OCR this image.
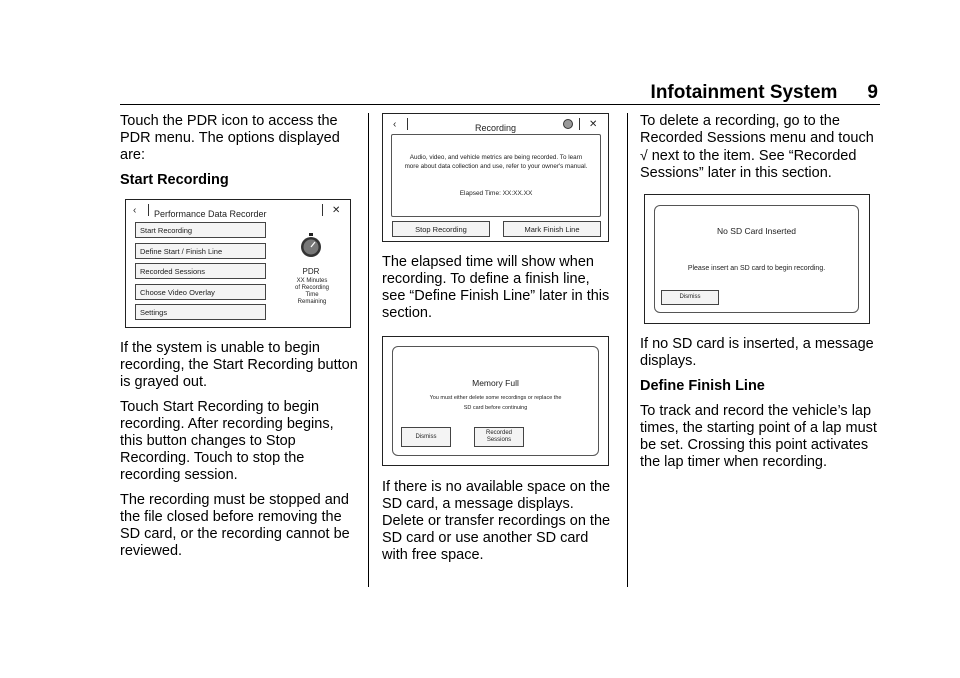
Infotainment System 9

Touch the PDR icon to access the PDR menu. The options displayed are:

Start Recording
‹ Performance Data Recorder	✕
Start Recording
Define Start / Finish Line
Recorded Sessions
Choose Video Overlay
Settings
PDR
XX Minutes
of Recording
Time
Remaining

If the system is unable to begin recording, the Start Recording button is grayed out.

Touch Start Recording to begin recording. After recording begins, this button changes to Stop Recording. Touch to stop the recording session.

The recording must be stopped and the file closed before removing the SD card, or the recording cannot be reviewed.

‹	Recording	✕
Audio, video, and vehicle metrics are being recorded. To learn
more about data collection and use, refer to your owner's manual.
Elapsed Time: XX:XX.XX
Stop Recording	Mark Finish Line

The elapsed time will show when recording. To define a finish line, see “Define Finish Line” later in this section.

Memory Full
You must either delete some recordings or replace the
SD card before continuing
Dismiss
Recorded
Sessions

If there is no available space on the SD card, a message displays. Delete or transfer recordings on the SD card or use another SD card with free space.

To delete a recording, go to the Recorded Sessions menu and touch √ next to the item. See “Recorded Sessions” later in this section.

No SD Card Inserted
Please insert an SD card to begin recording.
Dismiss

If no SD card is inserted, a message displays.

Define Finish Line

To track and record the vehicle’s lap times, the starting point of a lap must be set. Crossing this point activates the lap timer when recording.
